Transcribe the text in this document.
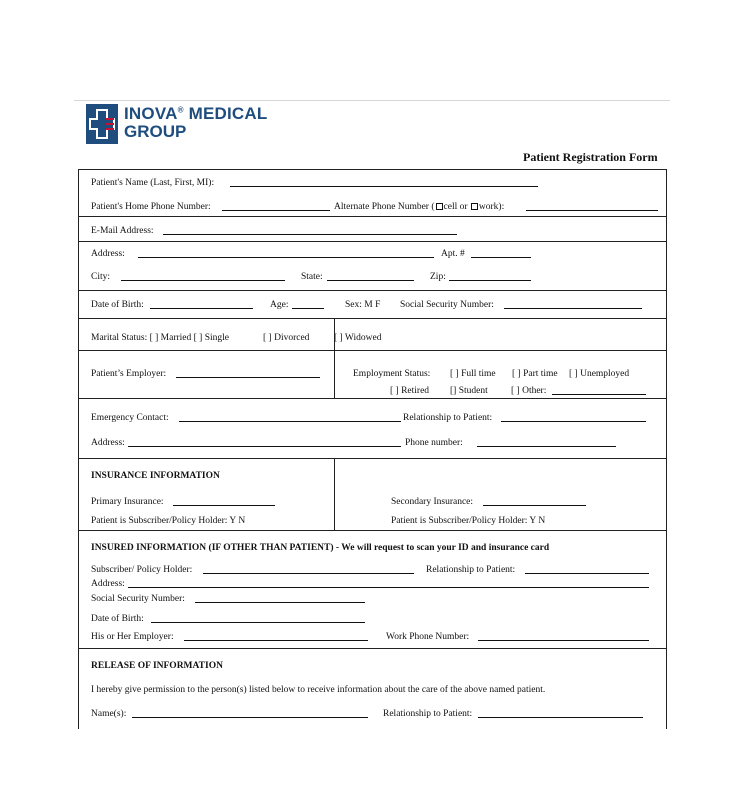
INOVA® MEDICAL
GROUP
Patient Registration Form
Patient's Name (Last, First, MI):
Patient's Home Phone Number:	Alternate Phone Number ( cell or work):
E-Mail Address:
Address:	Apt. #
City:	State:	Zip:
Date of Birth:	Age:	Sex: M F Social Security Number:
Marital Status: [ ] Married [ ] Single	[ ] Divorced	[ ] Widowed
Patient’s Employer:	Employment Status: [ ] Full time [ ] Part time [ ] Unemployed
[ ] Retired [] Student [ ] Other:
Emergency Contact:	Relationship to Patient:
Address:	Phone number:
INSURANCE INFORMATION
Primary Insurance:	Secondary Insurance:
Patient is Subscriber/Policy Holder: Y N	Patient is Subscriber/Policy Holder: Y N
INSURED INFORMATION (IF OTHER THAN PATIENT) - We will request to scan your ID and insurance card
Subscriber/ Policy Holder:	Relationship to Patient:
Address:
Social Security Number:
Date of Birth:
His or Her Employer:	Work Phone Number:
RELEASE OF INFORMATION
I hereby give permission to the person(s) listed below to receive information about the care of the above named patient.
Name(s):	Relationship to Patient:
